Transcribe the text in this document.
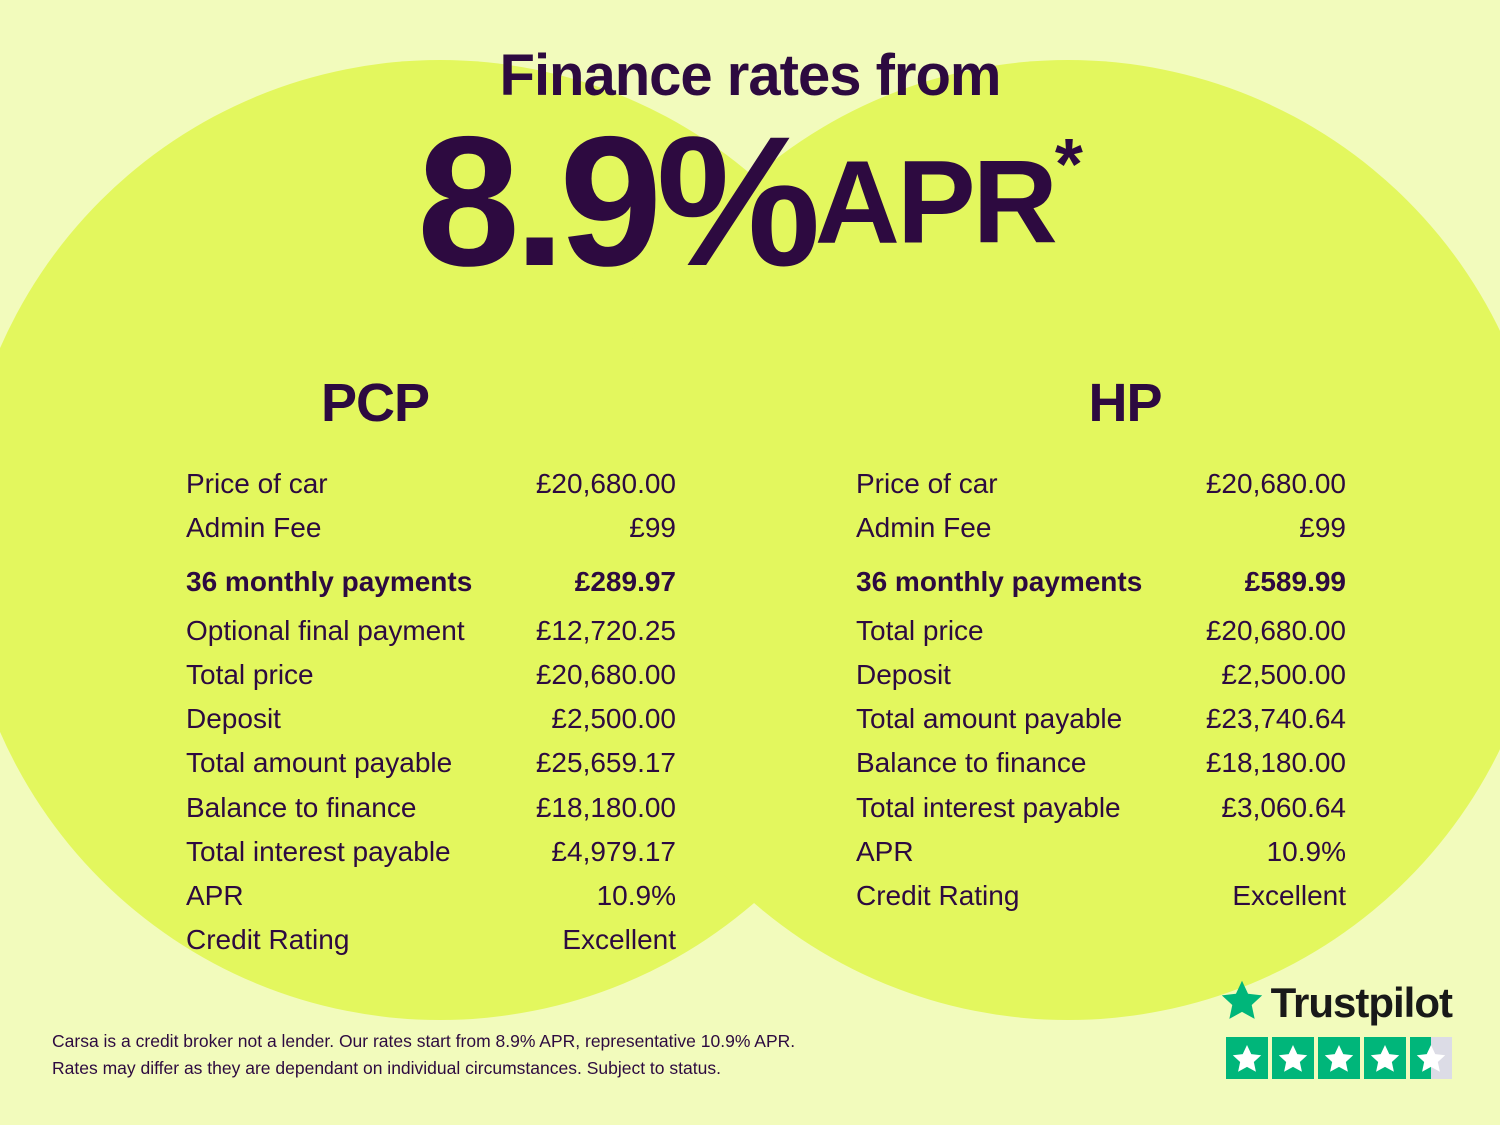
Finance rates from
8.9%APR*
PCP
Price of car	£20,680.00
Admin Fee	£99
36 monthly payments	£289.97
Optional final payment	£12,720.25
Total price	£20,680.00
Deposit	£2,500.00
Total amount payable	£25,659.17
Balance to finance	£18,180.00
Total interest payable	£4,979.17
APR	10.9%
Credit Rating	Excellent
HP
Price of car	£20,680.00
Admin Fee	£99
36 monthly payments	£589.99
Total price	£20,680.00
Deposit	£2,500.00
Total amount payable	£23,740.64
Balance to finance	£18,180.00
Total interest payable	£3,060.64
APR	10.9%
Credit Rating	Excellent
Carsa is a credit broker not a lender. Our rates start from 8.9% APR, representative 10.9% APR.
Rates may differ as they are dependant on individual circumstances. Subject to status.
Trustpilot
